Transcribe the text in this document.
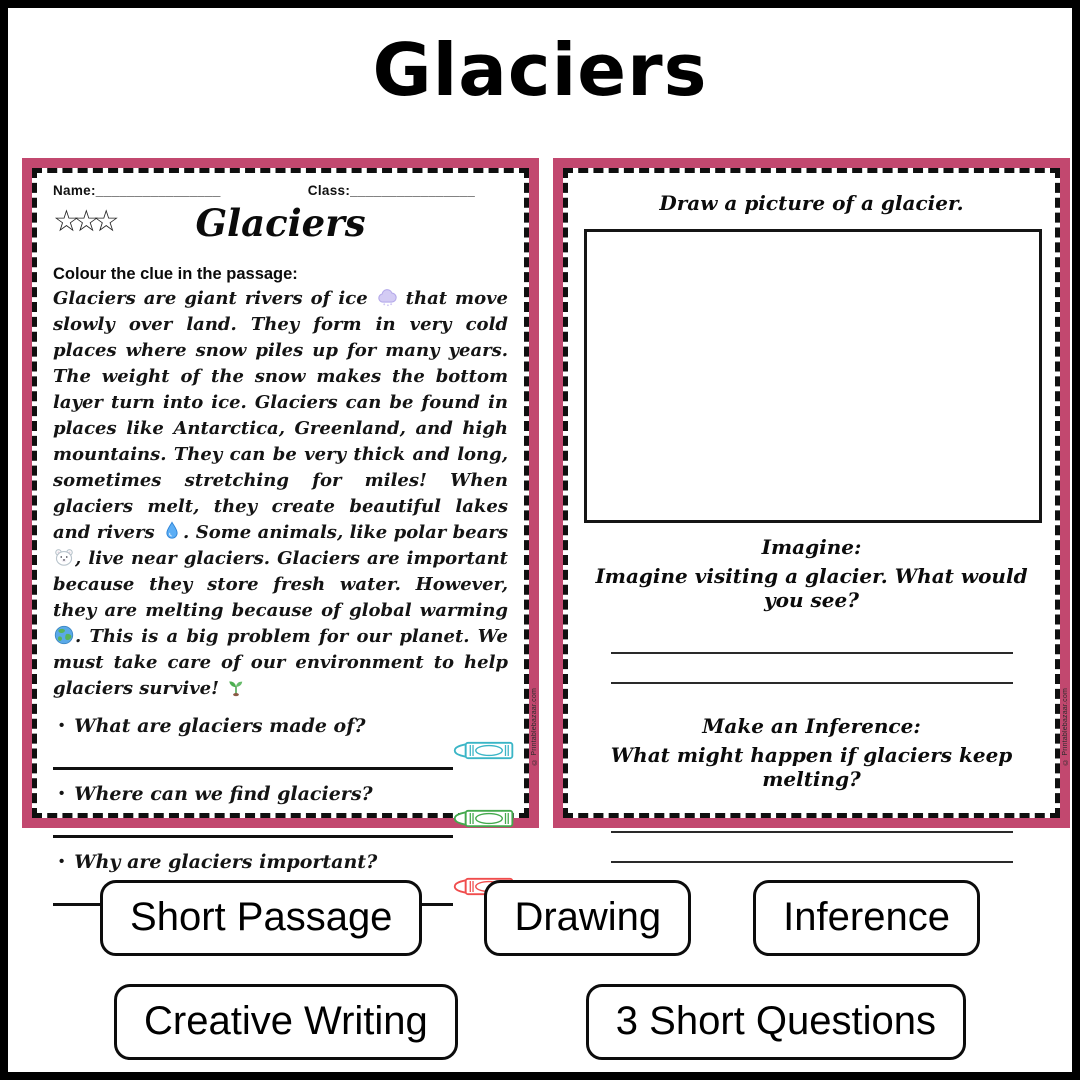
Glaciers
Name:________________	Class:________________
☆☆☆	Glaciers

Colour the clue in the passage:

Glaciers are giant rivers of ice  that move slowly over land. They form in very cold places where snow piles up for many years. The weight of the snow makes the bottom layer turn into ice. Glaciers can be found in places like Antarctica, Greenland, and high mountains. They can be very thick and long, sometimes stretching for miles! When glaciers melt, they create beautiful lakes and rivers . Some animals, like polar bears , live near glaciers. Glaciers are important because they store fresh water. However, they are melting because of global warming . This is a big problem for our planet. We must take care of our environment to help glaciers survive!

• What are glaciers made of?
• Where can we find glaciers?
• Why are glaciers important?
© Printablebazaar.com

Draw a picture of a glacier.

Imagine:

Imagine visiting a glacier. What would you see?

Make an Inference:

What might happen if glaciers keep melting?

© Printablebazaar.com
Short Passage	Drawing	Inference
Creative Writing	3 Short Questions
